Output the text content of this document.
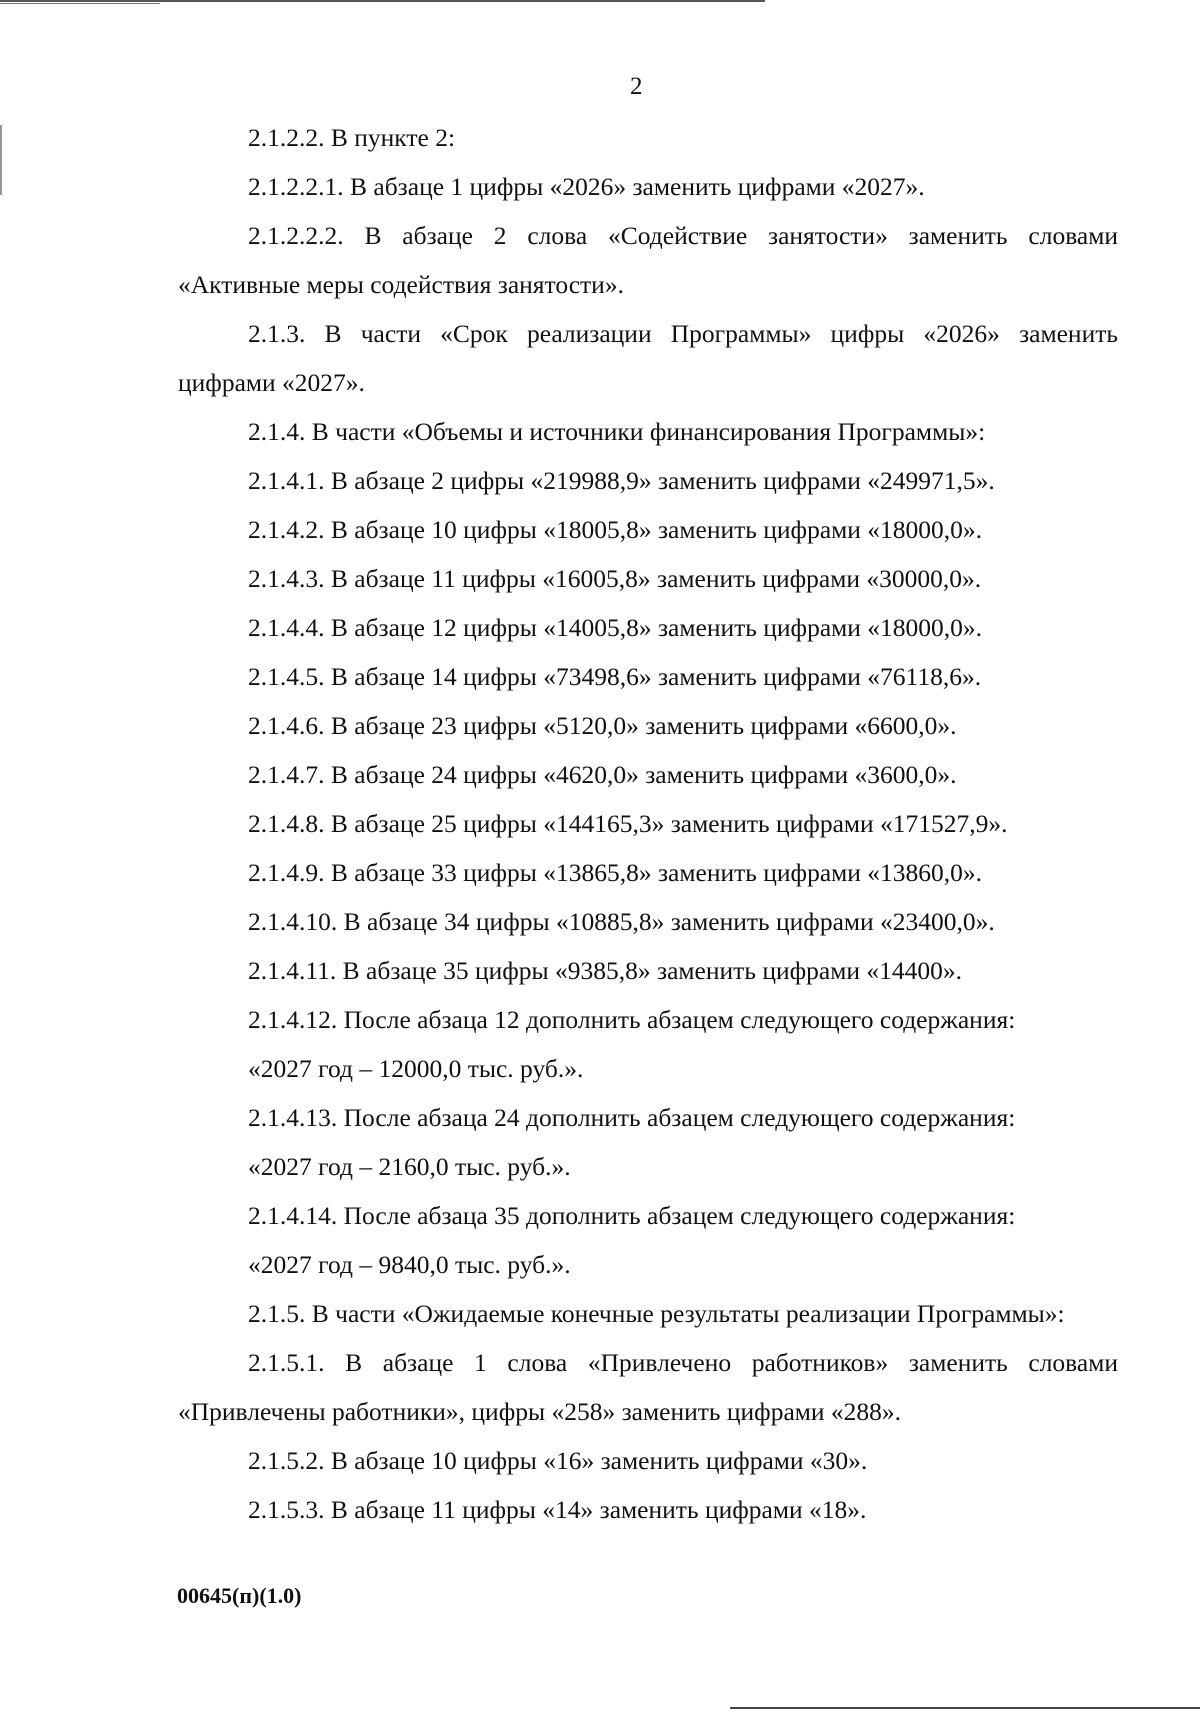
2

2.1.2.2. В пункте 2:

2.1.2.2.1. В абзаце 1 цифры «2026» заменить цифрами «2027».

2.1.2.2.2. В абзаце 2 слова «Содействие занятости» заменить словами «Активные меры содействия занятости».

2.1.3. В части «Срок реализации Программы» цифры «2026» заменить цифрами «2027».

2.1.4. В части «Объемы и источники финансирования Программы»:

2.1.4.1. В абзаце 2 цифры «219988,9» заменить цифрами «249971,5».

2.1.4.2. В абзаце 10 цифры «18005,8» заменить цифрами «18000,0».

2.1.4.3. В абзаце 11 цифры «16005,8» заменить цифрами «30000,0».

2.1.4.4. В абзаце 12 цифры «14005,8» заменить цифрами «18000,0».

2.1.4.5. В абзаце 14 цифры «73498,6» заменить цифрами «76118,6».

2.1.4.6. В абзаце 23 цифры «5120,0» заменить цифрами «6600,0».

2.1.4.7. В абзаце 24 цифры «4620,0» заменить цифрами «3600,0».

2.1.4.8. В абзаце 25 цифры «144165,3» заменить цифрами «171527,9».

2.1.4.9. В абзаце 33 цифры «13865,8» заменить цифрами «13860,0».

2.1.4.10. В абзаце 34 цифры «10885,8» заменить цифрами «23400,0».

2.1.4.11. В абзаце 35 цифры «9385,8» заменить цифрами «14400».

2.1.4.12. После абзаца 12 дополнить абзацем следующего содержания:

«2027 год – 12000,0 тыс. руб.».

2.1.4.13. После абзаца 24 дополнить абзацем следующего содержания:

«2027 год – 2160,0 тыс. руб.».

2.1.4.14. После абзаца 35 дополнить абзацем следующего содержания:

«2027 год – 9840,0 тыс. руб.».

2.1.5. В части «Ожидаемые конечные результаты реализации Программы»:

2.1.5.1. В абзаце 1 слова «Привлечено работников» заменить словами «Привлечены работники», цифры «258» заменить цифрами «288».

2.1.5.2. В абзаце 10 цифры «16» заменить цифрами «30».

2.1.5.3. В абзаце 11 цифры «14» заменить цифрами «18».

00645(п)(1.0)
